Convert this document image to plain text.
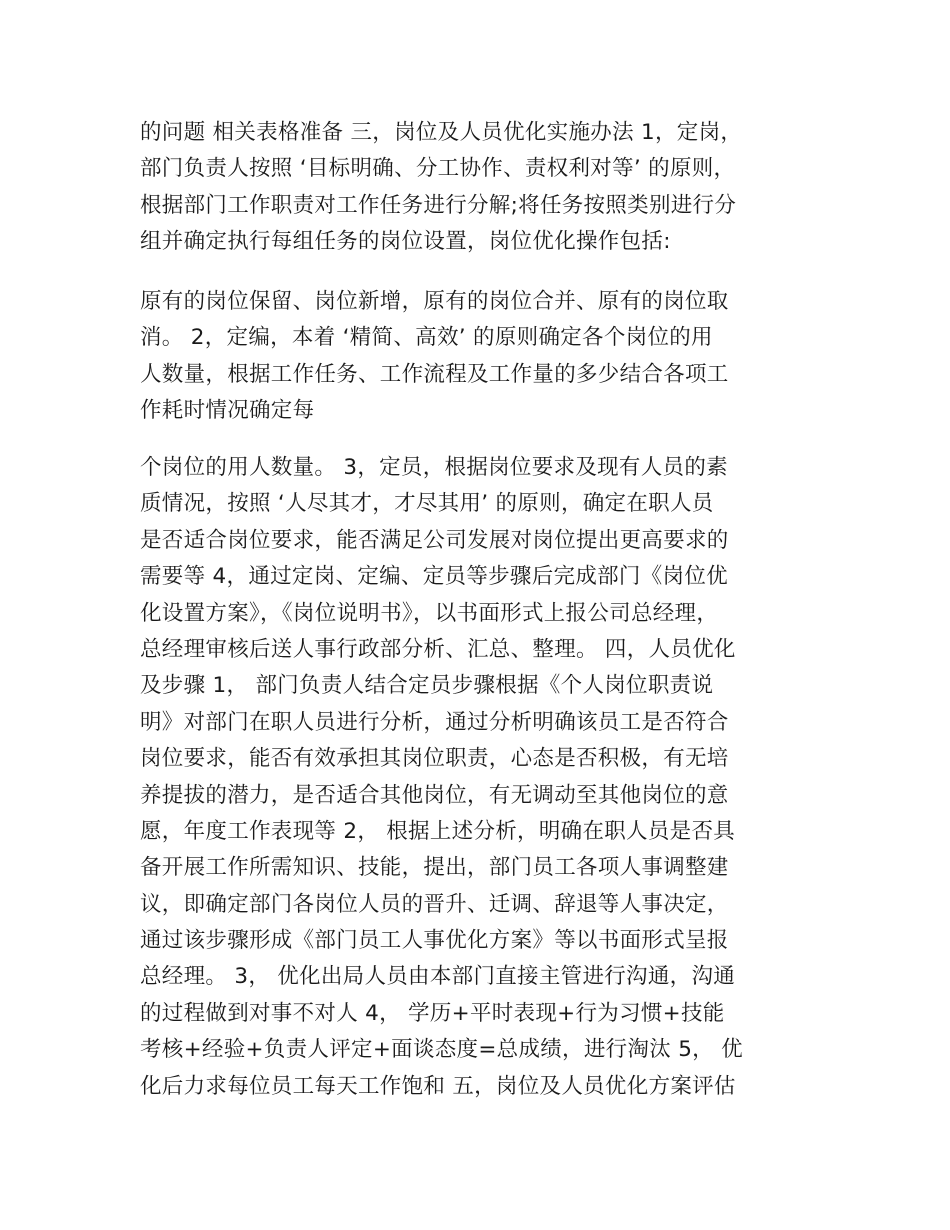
的问题 相关表格准备 三，岗位及人员优化实施办法 1，定岗，
部门负责人按照 ‘目标明确、分工协作、责权利对等’ 的原则，
根据部门工作职责对工作任务进行分解;将任务按照类别进行分
组并确定执行每组任务的岗位设置，岗位优化操作包括:
原有的岗位保留、岗位新增，原有的岗位合并、原有的岗位取
消。 2，定编，本着 ‘精简、高效’ 的原则确定各个岗位的用
人数量，根据工作任务、工作流程及工作量的多少结合各项工
作耗时情况确定每
个岗位的用人数量。 3，定员，根据岗位要求及现有人员的素
质情况，按照 ‘人尽其才，才尽其用’ 的原则，确定在职人员
是否适合岗位要求，能否满足公司发展对岗位提出更高要求的
需要等 4，通过定岗、定编、定员等步骤后完成部门《岗位优
化设置方案》，《岗位说明书》，以书面形式上报公司总经理，
总经理审核后送人事行政部分析、汇总、整理。 四，人员优化
及步骤 1， 部门负责人结合定员步骤根据《个人岗位职责说
明》对部门在职人员进行分析，通过分析明确该员工是否符合
岗位要求，能否有效承担其岗位职责，心态是否积极，有无培
养提拔的潜力，是否适合其他岗位，有无调动至其他岗位的意
愿，年度工作表现等 2， 根据上述分析，明确在职人员是否具
备开展工作所需知识、技能，提出，部门员工各项人事调整建
议，即确定部门各岗位人员的晋升、迁调、辞退等人事决定，
通过该步骤形成《部门员工人事优化方案》等以书面形式呈报
总经理。 3， 优化出局人员由本部门直接主管进行沟通，沟通
的过程做到对事不对人 4， 学历+平时表现+行为习惯+技能
考核+经验+负责人评定+面谈态度=总成绩，进行淘汰 5， 优
化后力求每位员工每天工作饱和 五，岗位及人员优化方案评估
